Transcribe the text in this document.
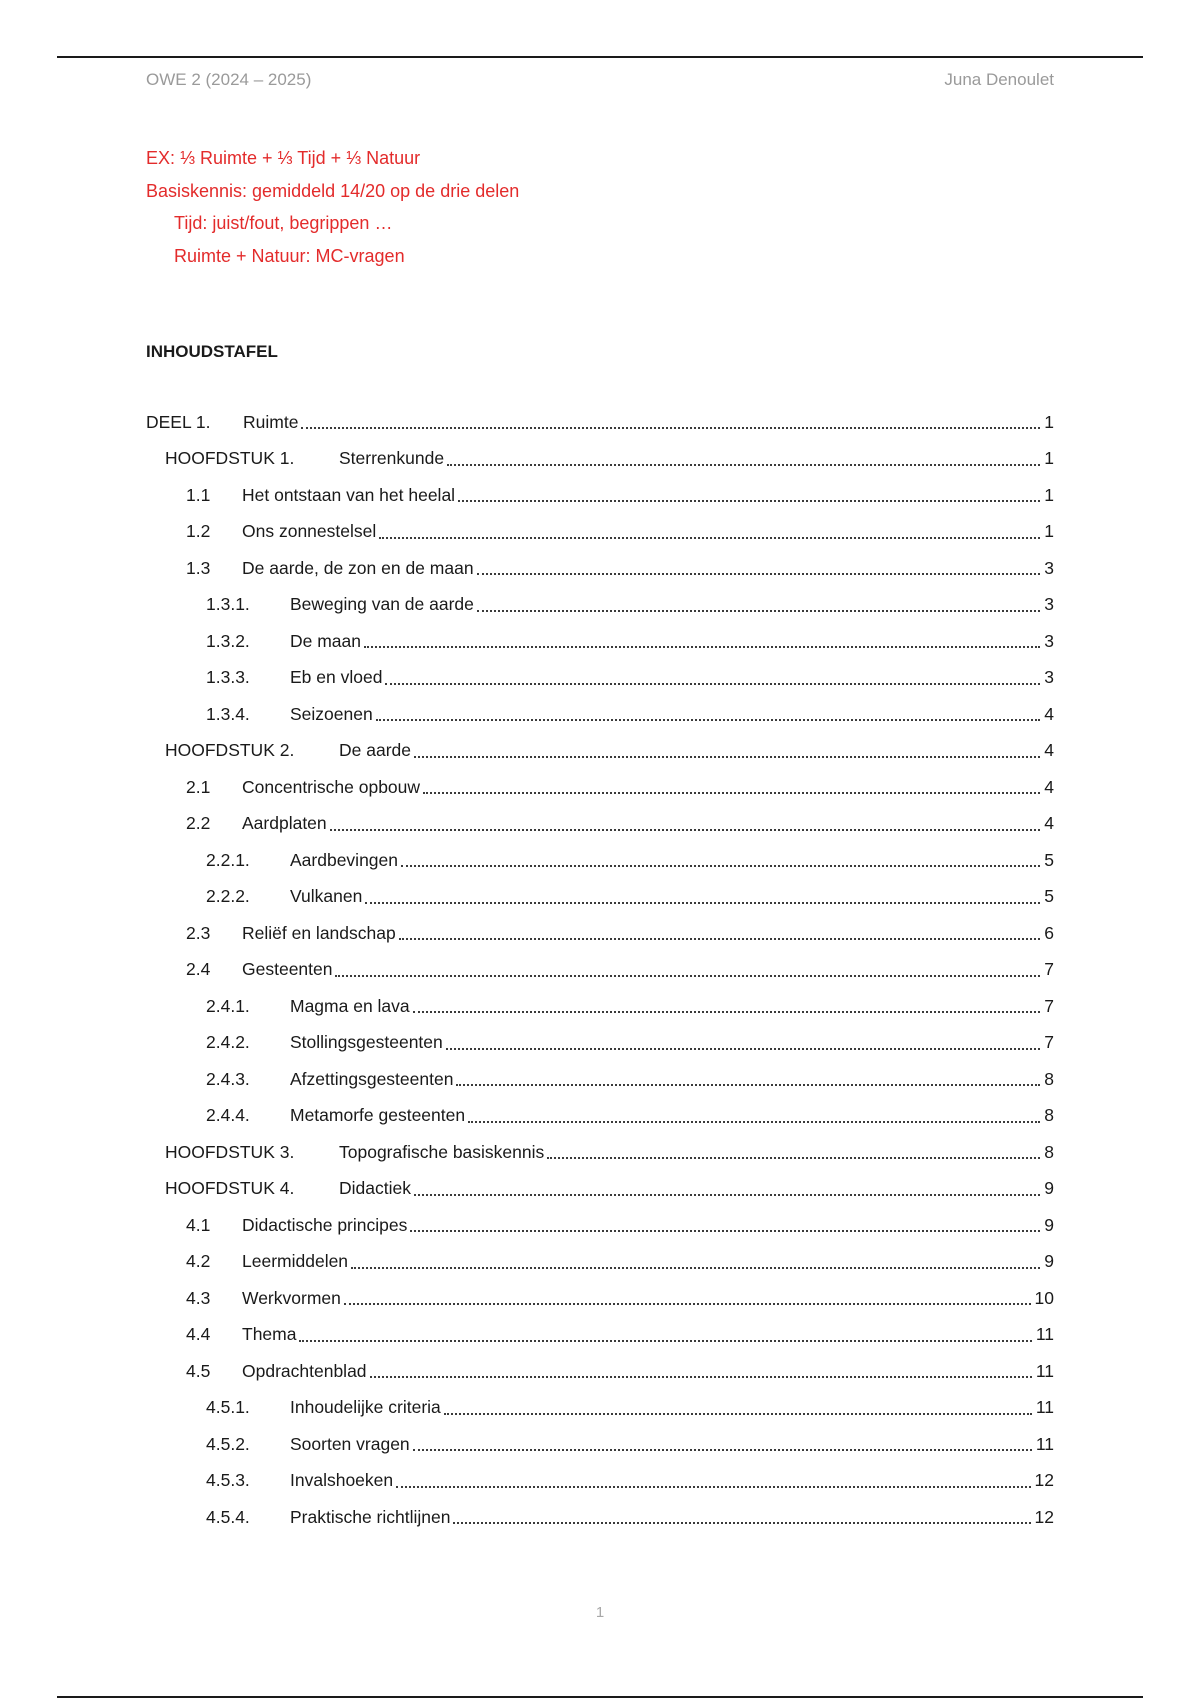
OWE 2 (2024 – 2025)	Juna Denoulet
EX: ⅓ Ruimte + ⅓ Tijd + ⅓ Natuur
Basiskennis: gemiddeld 14/20 op de drie delen
Tijd: juist/fout, begrippen …
Ruimte + Natuur: MC-vragen
INHOUDSTAFEL
DEEL 1.	Ruimte	1
HOOFDSTUK 1.	Sterrenkunde	1
1.1	Het ontstaan van het heelal	1
1.2	Ons zonnestelsel	1
1.3	De aarde, de zon en de maan	3
1.3.1.	Beweging van de aarde	3
1.3.2.	De maan	3
1.3.3.	Eb en vloed	3
1.3.4.	Seizoenen	4
HOOFDSTUK 2.	De aarde	4
2.1	Concentrische opbouw	4
2.2	Aardplaten	4
2.2.1.	Aardbevingen	5
2.2.2.	Vulkanen	5
2.3	Reliëf en landschap	6
2.4	Gesteenten	7
2.4.1.	Magma en lava	7
2.4.2.	Stollingsgesteenten	7
2.4.3.	Afzettingsgesteenten	8
2.4.4.	Metamorfe gesteenten	8
HOOFDSTUK 3.	Topografische basiskennis	8
HOOFDSTUK 4.	Didactiek	9
4.1	Didactische principes	9
4.2	Leermiddelen	9
4.3	Werkvormen	10
4.4	Thema	11
4.5	Opdrachtenblad	11
4.5.1.	Inhoudelijke criteria	11
4.5.2.	Soorten vragen	11
4.5.3.	Invalshoeken	12
4.5.4.	Praktische richtlijnen	12
1
